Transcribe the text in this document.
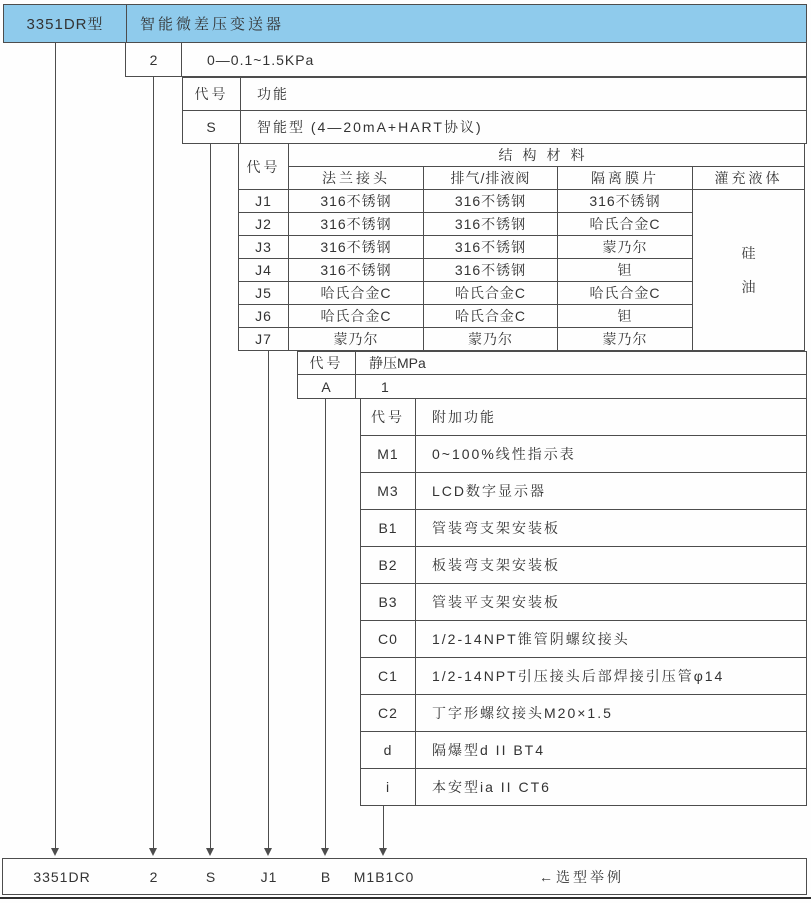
3351DR型	智能微差压变送器
2	0—0.1~1.5KPa
代号	功能
S	智能型 (4—20mA+HART协议)
代号	结构材料			
	法兰接头	排气/排液阀	隔离膜片	灌充液体
J1	316不锈钢	316不锈钢	316不锈钢	硅
油

J2	316不锈钢	316不锈钢	哈氏合金C	
J3	316不锈钢	316不锈钢	蒙乃尔	
J4	316不锈钢	316不锈钢	钽	
J5	哈氏合金C	哈氏合金C	哈氏合金C	
J6	哈氏合金C	哈氏合金C	钽	
J7	蒙乃尔	蒙乃尔	蒙乃尔	
代号	静压MPa
A	1
代号	附加功能
M1	0~100%线性指示表
M3	LCD数字显示器
B1	管装弯支架安装板
B2	板装弯支架安装板
B3	管装平支架安装板
C0	1/2-14NPT锥管阴螺纹接头
C1	1/2-14NPT引压接头后部焊接引压管φ14
C2	丁字形螺纹接头M20×1.5
d	隔爆型d II BT4
i	本安型ia II CT6
3351DR	2	S	J1	B M1B1C0	←选型举例
